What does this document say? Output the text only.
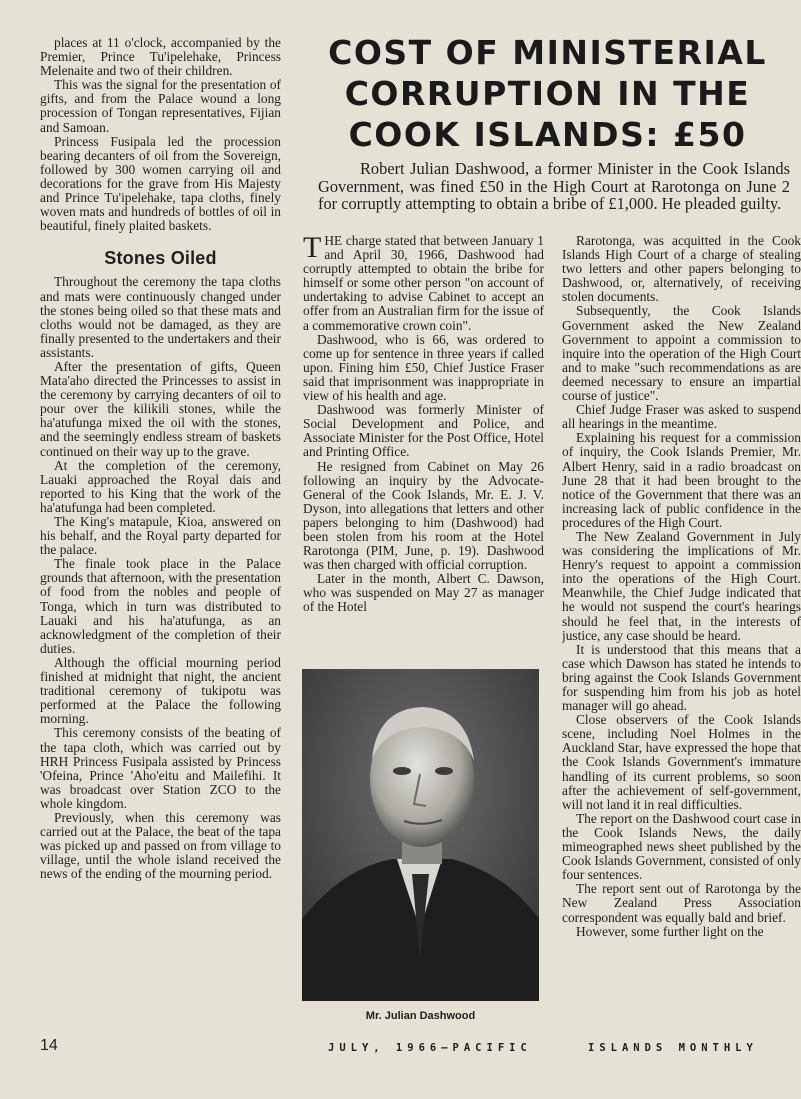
places at 11 o'clock, accompanied by the Premier, Prince Tu'ipelehake, Princess Melenaite and two of their children.

This was the signal for the presentation of gifts, and from the Palace wound a long procession of Tongan representatives, Fijian and Samoan.

Princess Fusipala led the procession bearing decanters of oil from the Sovereign, followed by 300 women carrying oil and decorations for the grave from His Majesty and Prince Tu'ipelehake, tapa cloths, finely woven mats and hundreds of bottles of oil in beautiful, finely plaited baskets.

Stones Oiled

Throughout the ceremony the tapa cloths and mats were continuously changed under the stones being oiled so that these mats and cloths would not be damaged, as they are finally presented to the undertakers and their assistants.

After the presentation of gifts, Queen Mata'aho directed the Princesses to assist in the ceremony by carrying decanters of oil to pour over the kilikili stones, while the ha'atufunga mixed the oil with the stones, and the seemingly endless stream of baskets continued on their way up to the grave.

At the completion of the ceremony, Lauaki approached the Royal dais and reported to his King that the work of the ha'atufunga had been completed.

The King's matapule, Kioa, answered on his behalf, and the Royal party departed for the palace.

The finale took place in the Palace grounds that afternoon, with the presentation of food from the nobles and people of Tonga, which in turn was distributed to Lauaki and his ha'atufunga, as an acknowledgment of the completion of their duties.

Although the official mourning period finished at midnight that night, the ancient traditional ceremony of tukipotu was performed at the Palace the following morning.

This ceremony consists of the beating of the tapa cloth, which was carried out by HRH Princess Fusipala assisted by Princess 'Ofeina, Prince 'Aho'eitu and Mailefihi. It was broadcast over Station ZCO to the whole kingdom.

Previously, when this ceremony was carried out at the Palace, the beat of the tapa was picked up and passed on from village to village, until the whole island received the news of the ending of the mourning period.

COST OF MINISTERIAL CORRUPTION IN THE COOK ISLANDS: £50

Robert Julian Dashwood, a former Minister in the Cook Islands Government, was fined £50 in the High Court at Rarotonga on June 2 for corruptly attempting to obtain a bribe of £1,000. He pleaded guilty.

THE charge stated that between January 1 and April 30, 1966, Dashwood had corruptly attempted to obtain the bribe for himself or some other person "on account of undertaking to advise Cabinet to accept an offer from an Australian firm for the issue of a commemorative crown coin".

Dashwood, who is 66, was ordered to come up for sentence in three years if called upon. Fining him £50, Chief Justice Fraser said that imprisonment was inappropriate in view of his health and age.

Dashwood was formerly Minister of Social Development and Police, and Associate Minister for the Post Office, Hotel and Printing Office.

He resigned from Cabinet on May 26 following an inquiry by the Advocate-General of the Cook Islands, Mr. E. J. V. Dyson, into allegations that letters and other papers belonging to him (Dashwood) had been stolen from his room at the Hotel Rarotonga (PIM, June, p. 19). Dashwood was then charged with official corruption.

Later in the month, Albert C. Dawson, who was suspended on May 27 as manager of the Hotel

Mr. Julian Dashwood

Rarotonga, was acquitted in the Cook Islands High Court of a charge of stealing two letters and other papers belonging to Dashwood, or, alternatively, of receiving stolen documents.

Subsequently, the Cook Islands Government asked the New Zealand Government to appoint a commission to inquire into the operation of the High Court and to make "such recommendations as are deemed necessary to ensure an impartial course of justice".

Chief Judge Fraser was asked to suspend all hearings in the meantime.

Explaining his request for a commission of inquiry, the Cook Islands Premier, Mr. Albert Henry, said in a radio broadcast on June 28 that it had been brought to the notice of the Government that there was an increasing lack of public confidence in the procedures of the High Court.

The New Zealand Government in July was considering the implications of Mr. Henry's request to appoint a commission into the operations of the High Court. Meanwhile, the Chief Judge indicated that he would not suspend the court's hearings should he feel that, in the interests of justice, any case should be heard.

It is understood that this means that a case which Dawson has stated he intends to bring against the Cook Islands Government for suspending him from his job as hotel manager will go ahead.

Close observers of the Cook Islands scene, including Noel Holmes in the Auckland Star, have expressed the hope that the Cook Islands Government's immature handling of its current problems, so soon after the achievement of self-government, will not land it in real difficulties.

The report on the Dashwood court case in the Cook Islands News, the daily mimeographed news sheet published by the Cook Islands Government, consisted of only four sentences.

The report sent out of Rarotonga by the New Zealand Press Association correspondent was equally bald and brief.

However, some further light on the

14	JULY, 1966—PACIFIC	ISLANDS MONTHLY
